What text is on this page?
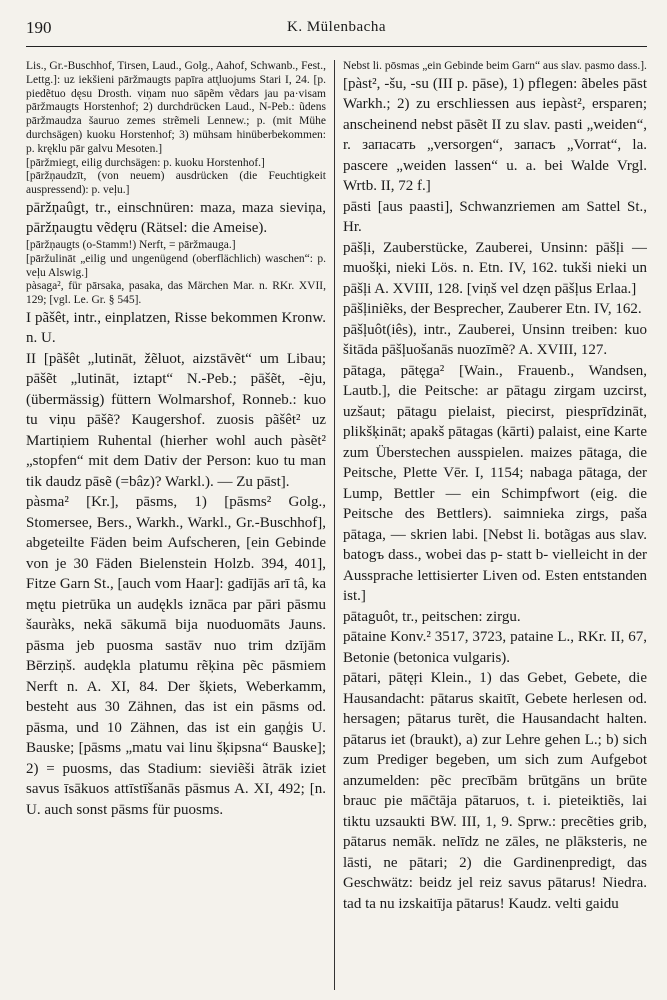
190	K. Mülenbacha

Lis., Gr.-Buschhof, Tirsen, Laud., Golg., Aahof, Schwanb., Fest., Lettg.]: uz iekšieni pāržmaugts papīra att̨luojums Stari I, 24. [p. piedẽtuo dęsu Drosth. viņam nuo sāpẽm vẽdars jau pa·visam pāržmaugts Horstenhof; 2) durchdrücken Laud., N-Peb.: ũdens pāržmaudza šauruo zemes strẽmeli Lennew.; p. (mit Mühe durchsägen) kuoku Horstenhof; 3) mühsam hinüberbekommen: p. kręklu pār galvu Mesoten.]

[pāržmiegt, eilig durchsägen: p. kuoku Horstenhof.]

[pāržņaudzīt, (von neuem) ausdrücken (die Feuchtigkeit auspressend): p. veļu.]

pāržņaûgt, tr., einschnüren: maza, maza sieviņa, pāržņaugtu vẽdęru (Rätsel: die Ameise).

[pāržņaugts (o-Stamm!) Nerft, = pāržmauga.]

[pāržulināt „eilig und ungenügend (oberflächlich) waschen“: p. veļu Alswig.]

pàsaga², für pārsaka, pasaka, das Märchen Mar. n. RKr. XVII, 129; [vgl. Le. Gr. § 545].

I pãšêt, intr., einplatzen, Risse bekommen Kronw. n. U.

II [pãšêt „lutināt, žẽluot, aizstāvẽt“ um Libau; pāšẽt „lutināt, iztapt“ N.-Peb.; pāšẽt, -ẽju, (übermässig) füttern Wolmarshof, Ronneb.: kuo tu viņu pāšẽ? Kaugershof. zuosis pãšêt² uz Martiņiem Ruhental (hierher wohl auch pàsẽt² „stopfen“ mit dem Dativ der Person: kuo tu man tik daudz pāsẽ (=bâz)? Warkl.). — Zu pāst].

pàsma² [Kr.], pāsms, 1) [pāsms² Golg., Stomersee, Bers., Warkh., Warkl., Gr.-Buschhof], abgeteilte Fäden beim Aufscheren, [ein Gebinde von je 30 Fäden Bielenstein Holzb. 394, 401], Fitze Garn St., [auch vom Haar]: gadījās arī tâ, ka mętu pietrūka un audękls iznāca par pāri pāsmu šauràks, nekā sākumā bija nuoduomāts Jauns. pāsma jeb puosma sastāv nuo trim dzījām Bērziņš. audękla platumu rẽķina pẽc pāsmiem Nerft n. A. XI, 84. Der šķiets, Weberkamm, besteht aus 30 Zähnen, das ist ein pāsms od. pāsma, und 10 Zähnen, das ist ein gaņģis U. Bauske; [pāsms „matu vai linu šķipsna“ Bauske]; 2) = puosms, das Stadium: sieviẽši ãtrāk iziet savus īsākuos attīstīšanās pāsmus A. XI, 492; [n. U. auch sonst pāsms für puosms.

Nebst li. pōsmas „ein Gebinde beim Garn“ aus slav. pasmo dass.].

[pàst², -šu, -su (III p. pāse), 1) pflegen: ãbeles pāst Warkh.; 2) zu erschliessen aus iepàst², ersparen; anscheinend nebst pāsẽt II zu slav. pasti „weiden“, r. запасать „versorgen“, запасъ „Vorrat“, la. pascere „weiden lassen“ u. a. bei Walde Vrgl. Wrtb. II, 72 f.]

pāsti [aus paasti], Schwanzriemen am Sattel St., Hr.

pāšļi, Zauberstücke, Zauberei, Unsinn: pāšļi — muošķi, nieki Lös. n. Etn. IV, 162. tukši nieki un pāšļi A. XVIII, 128. [viņš vel dzęn pāšļus Erlaa.]

pāšļiniẽks, der Besprecher, Zauberer Etn. IV, 162.

pāšļuôt(iês), intr., Zauberei, Unsinn treiben: kuo šitāda pāšļuošanās nuozīmẽ? A. XVIII, 127.

pātaga, pātęga² [Wain., Frauenb., Wandsen, Lautb.], die Peitsche: ar pātagu zirgam uzcirst, uzšaut; pātagu pielaist, piecirst, piesprīdzināt, plikšķināt; apakš pātagas (kārti) palaist, eine Karte zum Überstechen ausspielen. maizes pātaga, die Peitsche, Plette Vēr. I, 1154; nabaga pātaga, der Lump, Bettler — ein Schimpfwort (eig. die Peitsche des Bettlers). saimnieka zirgs, paša pātaga, — skrien labi. [Nebst li. botãgas aus slav. batogъ dass., wobei das p- statt b- vielleicht in der Aussprache lettisierter Liven od. Esten entstanden ist.]

pātaguôt, tr., peitschen: zirgu.

pātaine Konv.² 3517, 3723, pataine L., RKr. II, 67, Betonie (betonica vulgaris).

pātari, pātęŗi Klein., 1) das Gebet, Gebete, die Hausandacht: pātarus skaitīt, Gebete herlesen od. hersagen; pātarus turẽt, die Hausandacht halten. pātarus iet (braukt), a) zur Lehre gehen L.; b) sich zum Prediger begeben, um sich zum Aufgebot anzumelden: pẽc precībām brūtgāns un brūte brauc pie māc̄tāja pātaruos, t. i. pieteiktiẽs, lai tiktu uzsaukti BW. III, 1, 9. Sprw.: precẽties grib, pātarus nemāk. nelīdz ne zāles, ne plāksteris, ne lāsti, ne pātari; 2) die Gardinenpredigt, das Geschwätz: beidz jel reiz savus pātarus! Niedra. tad ta nu izskaitīja pātarus! Kaudz. velti gaidu
